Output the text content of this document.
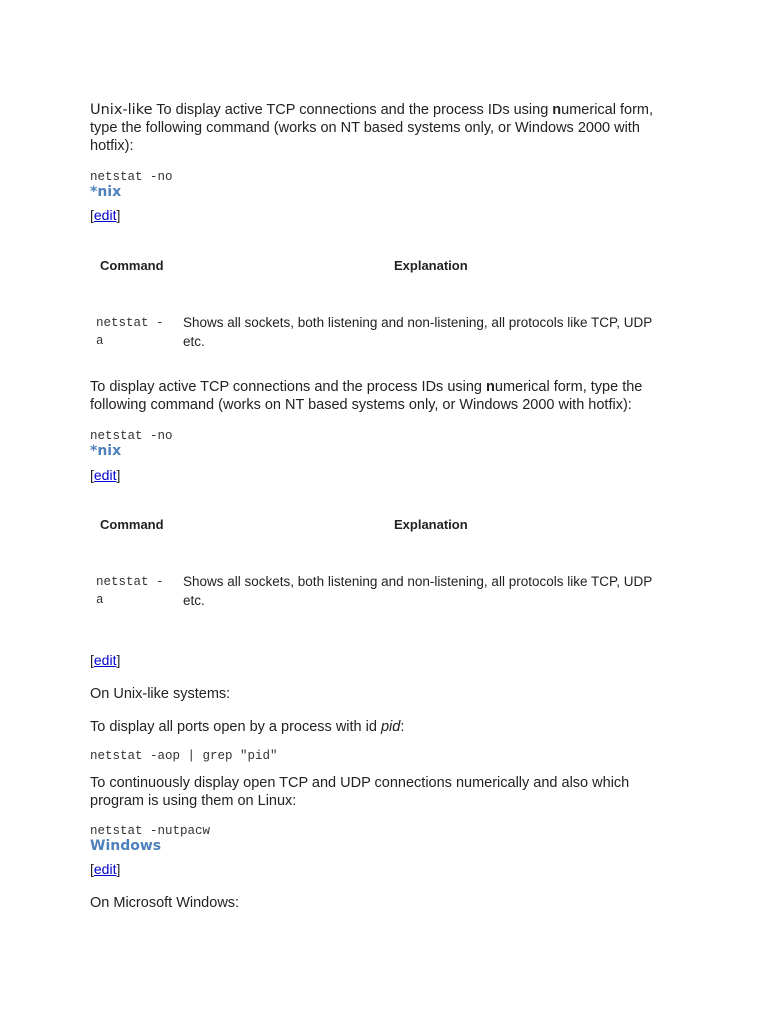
Unix-like To display active TCP connections and the process IDs using numerical form, type the following command (works on NT based systems only, or Windows 2000 with hotfix):
netstat -no
*nix
[edit]
Command	Explanation
netstat -
a
Shows all sockets, both listening and non-listening, all protocols like TCP, UDP etc.
To display active TCP connections and the process IDs using numerical form, type the following command (works on NT based systems only, or Windows 2000 with hotfix):
netstat -no
*nix
[edit]
Command	Explanation
netstat -
a
Shows all sockets, both listening and non-listening, all protocols like TCP, UDP etc.
[edit]
On Unix-like systems:
To display all ports open by a process with id pid:
netstat -aop | grep "pid"
To continuously display open TCP and UDP connections numerically and also which program is using them on Linux:
netstat -nutpacw
Windows
[edit]
On Microsoft Windows:
